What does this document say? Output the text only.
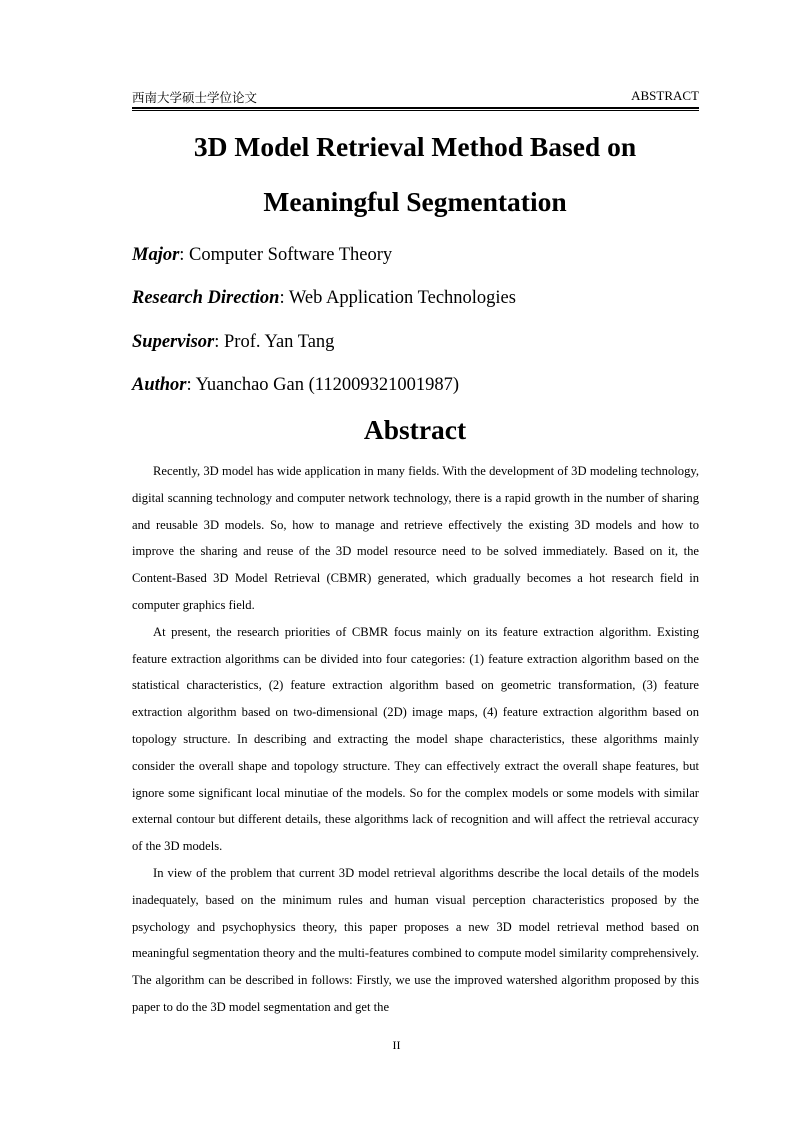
西南大学硕士学位论文	ABSTRACT
3D Model Retrieval Method Based on
Meaningful Segmentation
Major: Computer Software Theory
Research Direction: Web Application Technologies
Supervisor: Prof. Yan Tang
Author: Yuanchao Gan (112009321001987)
Abstract

Recently, 3D model has wide application in many fields. With the development of 3D modeling technology, digital scanning technology and computer network technology, there is a rapid growth in the number of sharing and reusable 3D models. So, how to manage and retrieve effectively the existing 3D models and how to improve the sharing and reuse of the 3D model resource need to be solved immediately. Based on it, the Content-Based 3D Model Retrieval (CBMR) generated, which gradually becomes a hot research field in computer graphics field.

At present, the research priorities of CBMR focus mainly on its feature extraction algorithm. Existing feature extraction algorithms can be divided into four categories: (1) feature extraction algorithm based on the statistical characteristics, (2) feature extraction algorithm based on geometric transformation, (3) feature extraction algorithm based on two-dimensional (2D) image maps, (4) feature extraction algorithm based on topology structure. In describing and extracting the model shape characteristics, these algorithms mainly consider the overall shape and topology structure. They can effectively extract the overall shape features, but ignore some significant local minutiae of the models. So for the complex models or some models with similar external contour but different details, these algorithms lack of recognition and will affect the retrieval accuracy of the 3D models.

In view of the problem that current 3D model retrieval algorithms describe the local details of the models inadequately, based on the minimum rules and human visual perception characteristics proposed by the psychology and psychophysics theory, this paper proposes a new 3D model retrieval method based on meaningful segmentation theory and the multi-features combined to compute model similarity comprehensively. The algorithm can be described in follows: Firstly, we use the improved watershed algorithm proposed by this paper to do the 3D model segmentation and get the

II
